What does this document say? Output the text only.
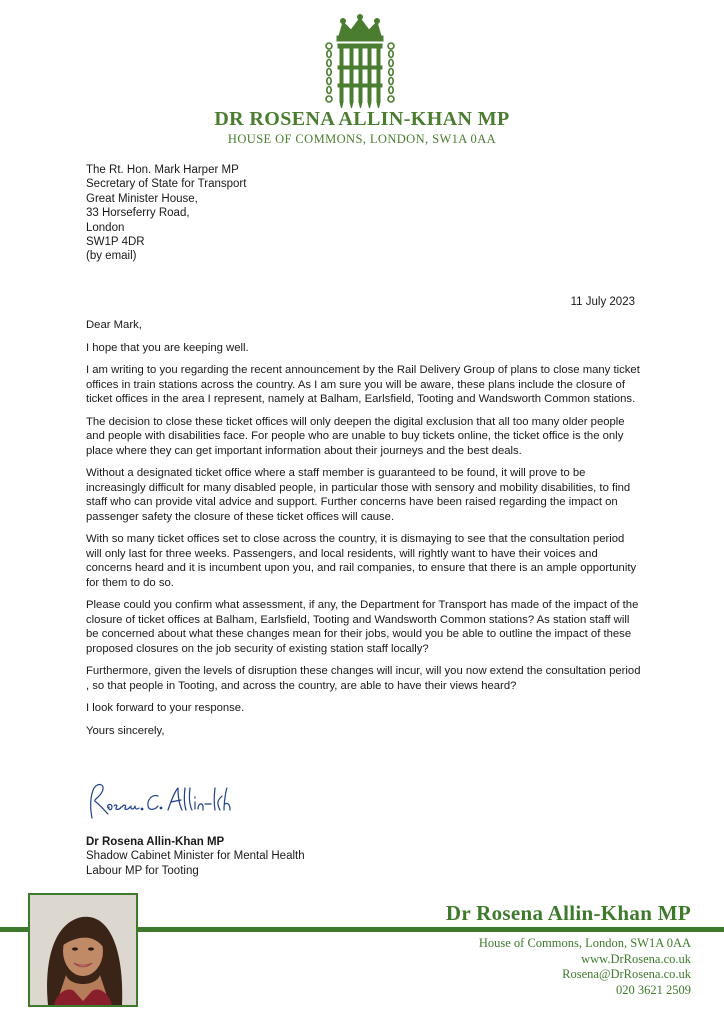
DR ROSENA ALLIN-KHAN MP
HOUSE OF COMMONS, LONDON, SW1A 0AA
The Rt. Hon. Mark Harper MP
Secretary of State for Transport
Great Minister House,
33 Horseferry Road,
London
SW1P 4DR
(by email)
11 July 2023

Dear Mark,

I hope that you are keeping well.

I am writing to you regarding the recent announcement by the Rail Delivery Group of plans to close many ticket offices in train stations across the country. As I am sure you will be aware, these plans include the closure of ticket offices in the area I represent, namely at Balham, Earlsfield, Tooting and Wandsworth Common stations.

The decision to close these ticket offices will only deepen the digital exclusion that all too many older people and people with disabilities face. For people who are unable to buy tickets online, the ticket office is the only place where they can get important information about their journeys and the best deals.

Without a designated ticket office where a staff member is guaranteed to be found, it will prove to be increasingly difficult for many disabled people, in particular those with sensory and mobility disabilities, to find staff who can provide vital advice and support. Further concerns have been raised regarding the impact on passenger safety the closure of these ticket offices will cause.

With so many ticket offices set to close across the country, it is dismaying to see that the consultation period will only last for three weeks. Passengers, and local residents, will rightly want to have their voices and concerns heard and it is incumbent upon you, and rail companies, to ensure that there is an ample opportunity for them to do so.

Please could you confirm what assessment, if any, the Department for Transport has made of the impact of the closure of ticket offices at Balham, Earlsfield, Tooting and Wandsworth Common stations? As station staff will be concerned about what these changes mean for their jobs, would you be able to outline the impact of these proposed closures on the job security of existing station staff locally?

Furthermore, given the levels of disruption these changes will incur, will you now extend the consultation period , so that people in Tooting, and across the country, are able to have their views heard?

I look forward to your response.

Yours sincerely,

Dr Rosena Allin-Khan MP
Shadow Cabinet Minister for Mental Health
Labour MP for Tooting
Dr Rosena Allin-Khan MP
House of Commons, London, SW1A 0AA
www.DrRosena.co.uk
Rosena@DrRosena.co.uk
020 3621 2509
